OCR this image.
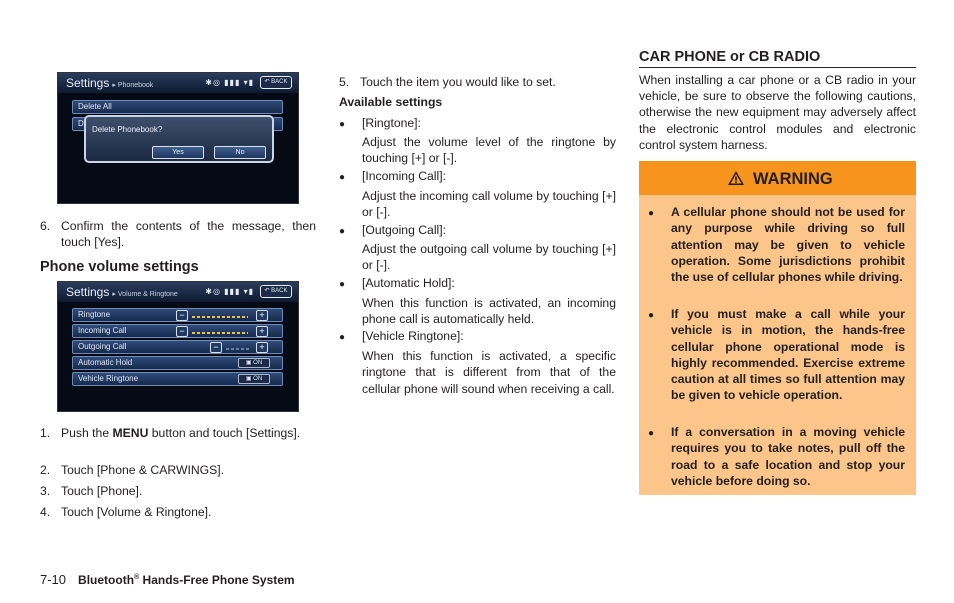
Settings ▸ Phonebook	✱◎ ▮▮▮ ▾▮	↶ BACK
Delete All
D
Delete Phonebook?
Yes	No
6. Confirm the contents of the message, then touch [Yes].
Phone volume settings
Settings ▸ Volume & Ringtone	✱◎ ▮▮▮ ▾▮	↶ BACK
Ringtone	−	+
Incoming Call	−	+
Outgoing Call	−	+
Automatic Hold	▣ ON
Vehicle Ringtone	▣ ON
1. Push the MENU button and touch [Settings].
2. Touch [Phone & CARWINGS].
3. Touch [Phone].
4. Touch [Volume & Ringtone].
5. Touch the item you would like to set.
Available settings
● [Ringtone]:
Adjust the volume level of the ringtone by touching [+] or [-].
● [Incoming Call]:
Adjust the incoming call volume by touching [+] or [-].
● [Outgoing Call]:
Adjust the outgoing call volume by touching [+] or [-].
● [Automatic Hold]:
When this function is activated, an incoming phone call is automatically held.
● [Vehicle Ringtone]:
When this function is activated, a specific ringtone that is different from that of the cellular phone will sound when receiving a call.
CAR PHONE or CB RADIO
When installing a car phone or a CB radio in your vehicle, be sure to observe the following cautions, otherwise the new equipment may adversely affect the electronic control modules and electronic control system harness.
WARNING
● A cellular phone should not be used for any purpose while driving so full attention may be given to vehicle operation. Some jurisdictions prohibit the use of cellular phones while driving.
● If you must make a call while your vehicle is in motion, the hands-free cellular phone operational mode is highly recommended. Exercise extreme caution at all times so full attention may be given to vehicle operation.
● If a conversation in a moving vehicle requires you to take notes, pull off the road to a safe location and stop your vehicle before doing so.
7-10 Bluetooth® Hands-Free Phone System
